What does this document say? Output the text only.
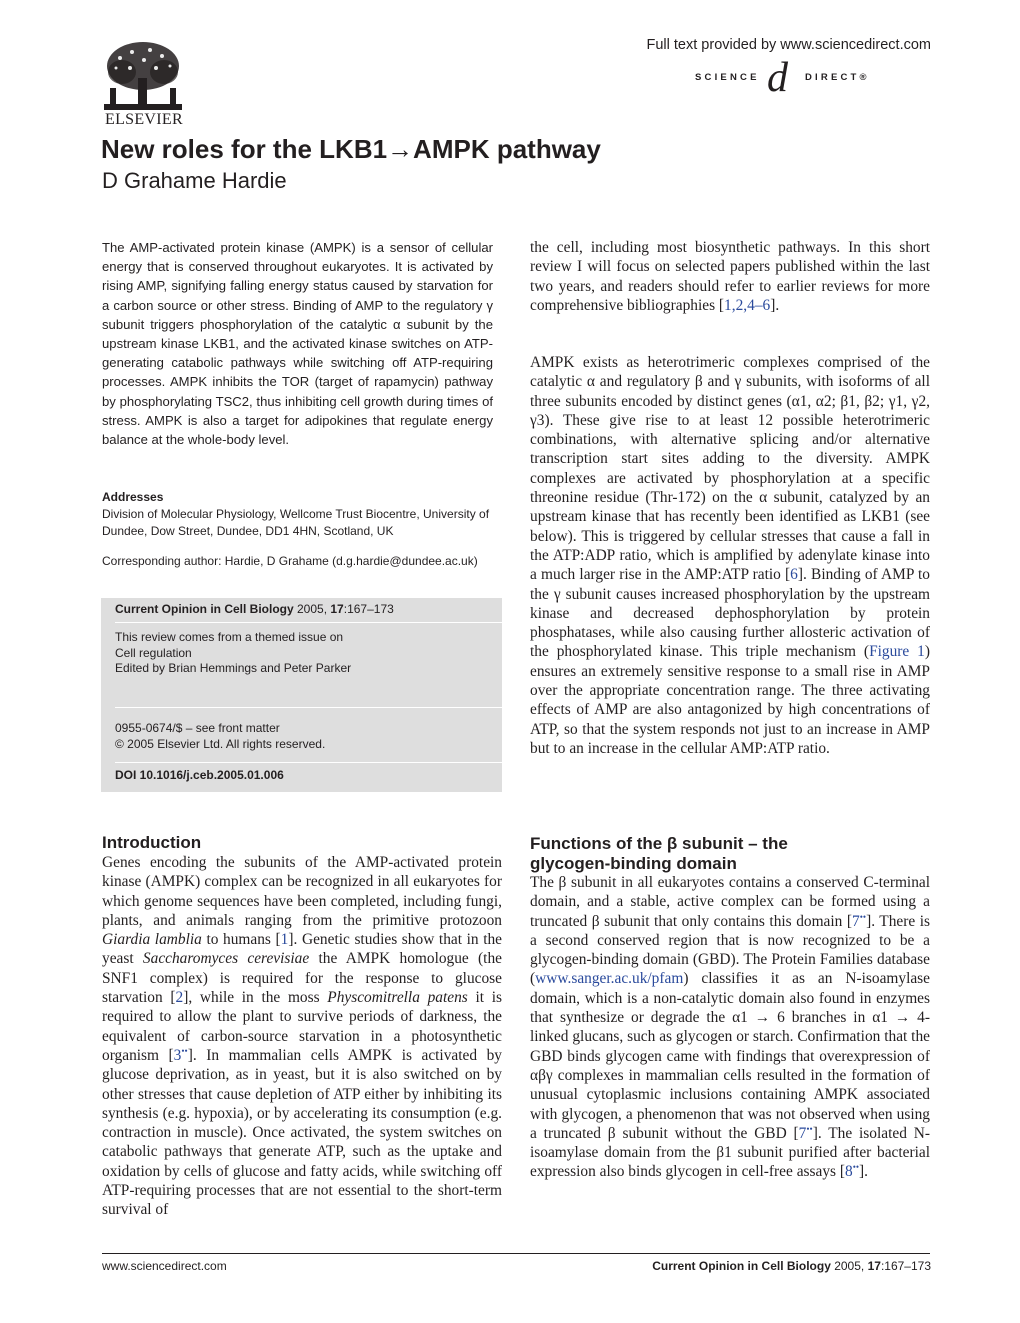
ELSEVIER
Full text provided by www.sciencedirect.com
SCIENCE d DIRECT®
New roles for the LKB1→AMPK pathway
D Grahame Hardie
The AMP-activated protein kinase (AMPK) is a sensor of cellular energy that is conserved throughout eukaryotes. It is activated by rising AMP, signifying falling energy status caused by starvation for a carbon source or other stress. Binding of AMP to the regulatory γ subunit triggers phosphorylation of the catalytic α subunit by the upstream kinase LKB1, and the activated kinase switches on ATP-generating catabolic pathways while switching off ATP-requiring processes. AMPK inhibits the TOR (target of rapamycin) pathway by phosphorylating TSC2, thus inhibiting cell growth during times of stress. AMPK is also a target for adipokines that regulate energy balance at the whole-body level.
Addresses
Division of Molecular Physiology, Wellcome Trust Biocentre, University of Dundee, Dow Street, Dundee, DD1 4HN, Scotland, UK
Corresponding author: Hardie, D Grahame (d.g.hardie@dundee.ac.uk)
Current Opinion in Cell Biology 2005, 17:167–173
This review comes from a themed issue on
Cell regulation
Edited by Brian Hemmings and Peter Parker
0955-0674/$ – see front matter
© 2005 Elsevier Ltd. All rights reserved.
DOI 10.1016/j.ceb.2005.01.006
Introduction
Genes encoding the subunits of the AMP-activated protein kinase (AMPK) complex can be recognized in all eukaryotes for which genome sequences have been completed, including fungi, plants, and animals ranging from the primitive protozoon Giardia lamblia to humans [1]. Genetic studies show that in the yeast Saccharomyces cerevisiae the AMPK homologue (the SNF1 complex) is required for the response to glucose starvation [2], while in the moss Physcomitrella patens it is required to allow the plant to survive periods of darkness, the equivalent of carbon-source starvation in a photosynthetic organism [3••]. In mammalian cells AMPK is activated by glucose deprivation, as in yeast, but it is also switched on by other stresses that cause depletion of ATP either by inhibiting its synthesis (e.g. hypoxia), or by accelerating its consumption (e.g. contraction in muscle). Once activated, the system switches on catabolic pathways that generate ATP, such as the uptake and oxidation by cells of glucose and fatty acids, while switching off ATP-requiring processes that are not essential to the short-term survival of
the cell, including most biosynthetic pathways. In this short review I will focus on selected papers published within the last two years, and readers should refer to earlier reviews for more comprehensive bibliographies [1,2,4–6].
AMPK exists as heterotrimeric complexes comprised of the catalytic α and regulatory β and γ subunits, with isoforms of all three subunits encoded by distinct genes (α1, α2; β1, β2; γ1, γ2, γ3). These give rise to at least 12 possible heterotrimeric combinations, with alternative splicing and/or alternative transcription start sites adding to the diversity. AMPK complexes are activated by phosphorylation at a specific threonine residue (Thr-172) on the α subunit, catalyzed by an upstream kinase that has recently been identified as LKB1 (see below). This is triggered by cellular stresses that cause a fall in the ATP:ADP ratio, which is amplified by adenylate kinase into a much larger rise in the AMP:ATP ratio [6]. Binding of AMP to the γ subunit causes increased phosphorylation by the upstream kinase and decreased dephosphorylation by protein phosphatases, while also causing further allosteric activation of the phosphorylated kinase. This triple mechanism (Figure 1) ensures an extremely sensitive response to a small rise in AMP over the appropriate concentration range. The three activating effects of AMP are also antagonized by high concentrations of ATP, so that the system responds not just to an increase in AMP but to an increase in the cellular AMP:ATP ratio.
Functions of the β subunit – the
glycogen-binding domain
The β subunit in all eukaryotes contains a conserved C-terminal domain, and a stable, active complex can be formed using a truncated β subunit that only contains this domain [7••]. There is a second conserved region that is now recognized to be a glycogen-binding domain (GBD). The Protein Families database (www.sanger.ac.uk/pfam) classifies it as an N-isoamylase domain, which is a non-catalytic domain also found in enzymes that synthesize or degrade the α1 → 6 branches in α1 → 4-linked glucans, such as glycogen or starch. Confirmation that the GBD binds glycogen came with findings that overexpression of αβγ complexes in mammalian cells resulted in the formation of unusual cytoplasmic inclusions containing AMPK associated with glycogen, a phenomenon that was not observed when using a truncated β subunit without the GBD [7••]. The isolated N-isoamylase domain from the β1 subunit purified after bacterial expression also binds glycogen in cell-free assays [8••].
www.sciencedirect.com	Current Opinion in Cell Biology 2005, 17:167–173
